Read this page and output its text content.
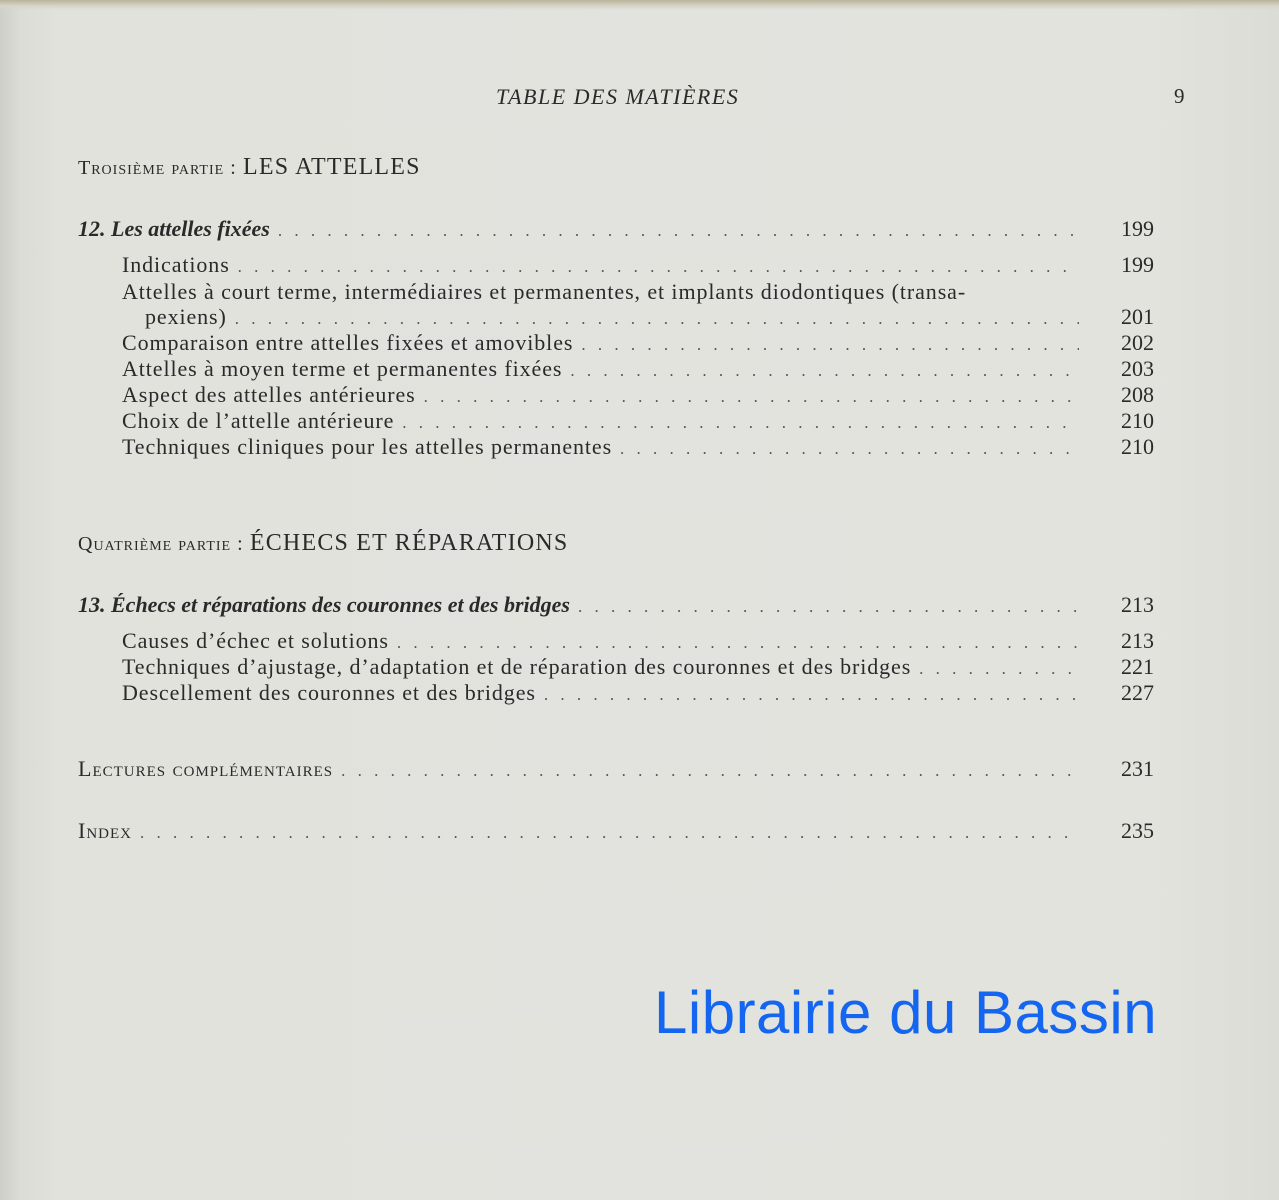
TABLE DES MATIÈRES	9
Troisième partie : LES ATTELLES
12. Les attelles fixées . . .	199
Indications . . .	199
Attelles à court terme, intermédiaires et permanentes, et implants diodontiques (transa-
pexiens) . . .	201
Comparaison entre attelles fixées et amovibles . . .	202
Attelles à moyen terme et permanentes fixées . . .	203
Aspect des attelles antérieures . . .	208
Choix de l’attelle antérieure . . .	210
Techniques cliniques pour les attelles permanentes . . .	210
Quatrième partie : ÉCHECS ET RÉPARATIONS
13. Échecs et réparations des couronnes et des bridges . . .	213
Causes d’échec et solutions . . .	213
Techniques d’ajustage, d’adaptation et de réparation des couronnes et des bridges . . .	221
Descellement des couronnes et des bridges . . .	227
Lectures complémentaires . . .	231
Index . . .	235
Librairie du Bassin
